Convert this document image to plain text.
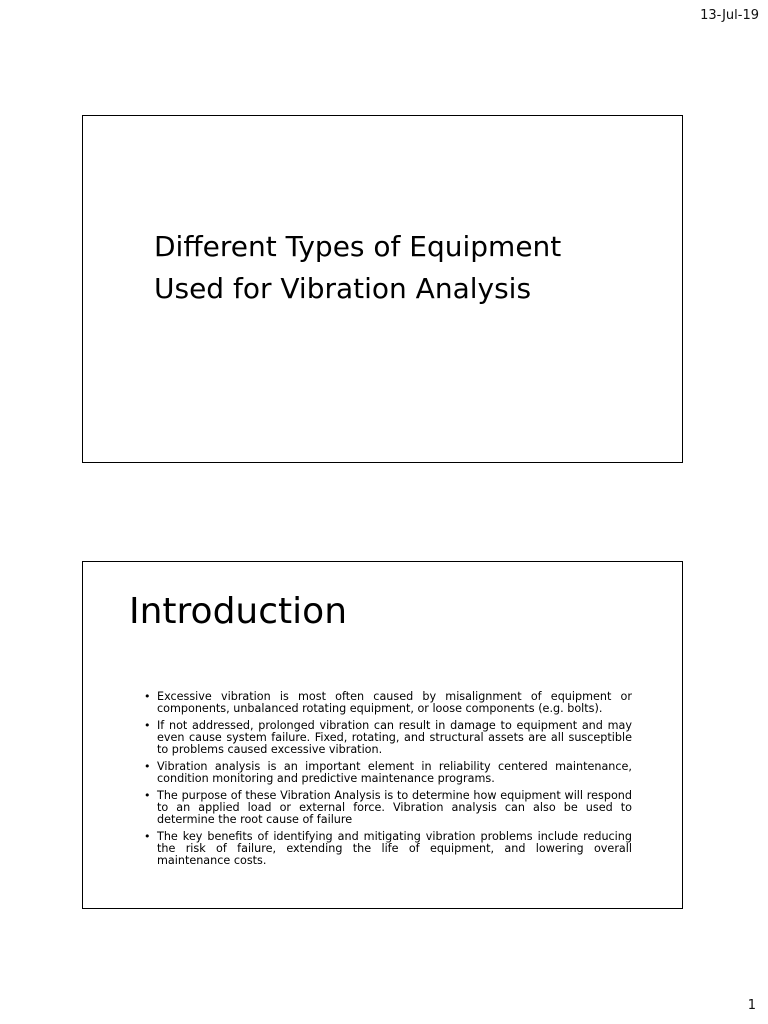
13-Jul-19
Different Types of Equipment
Used for Vibration Analysis
Introduction
• Excessive vibration is most often caused by misalignment of equipment or components, unbalanced rotating equipment, or loose components (e.g. bolts).
• If not addressed, prolonged vibration can result in damage to equipment and may even cause system failure. Fixed, rotating, and structural assets are all susceptible to problems caused excessive vibration.
• Vibration analysis is an important element in reliability centered maintenance, condition monitoring and predictive maintenance programs.
• The purpose of these Vibration Analysis is to determine how equipment will respond to an applied load or external force. Vibration analysis can also be used to determine the root cause of failure
• The key benefits of identifying and mitigating vibration problems include reducing the risk of failure, extending the life of equipment, and lowering overall maintenance costs.
1
